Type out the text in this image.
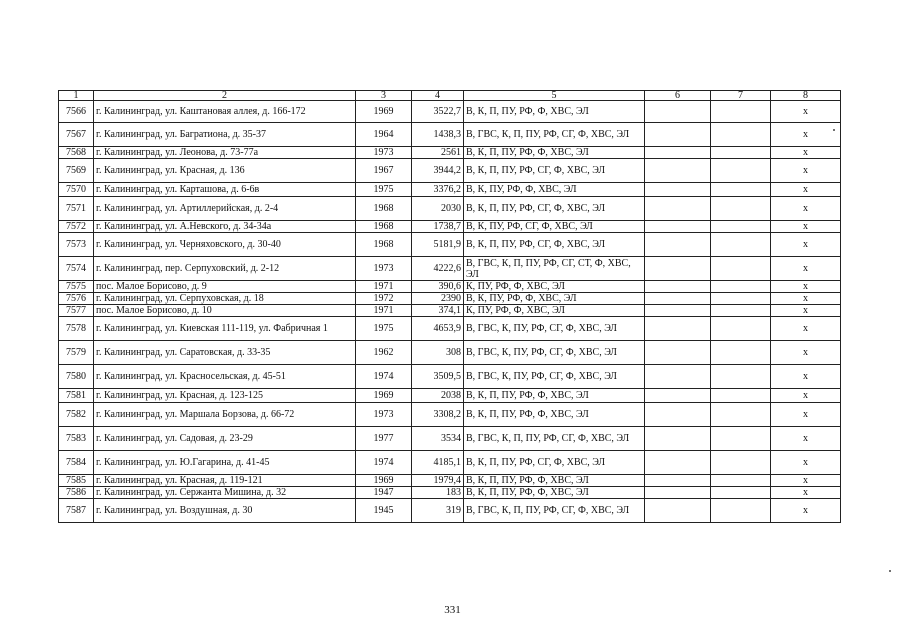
1	2	3	4	5	6	7	8
7566	г. Калининград, ул. Каштановая аллея, д. 166-172	1969	3522,7	В, К, П, ПУ, РФ, Ф, ХВС, ЭЛ			x
7567	г. Калининград, ул. Багратиона, д. 35-37	1964	1438,3	В, ГВС, К, П, ПУ, РФ, СГ, Ф, ХВС, ЭЛ			x
7568	г. Калининград, ул. Леонова, д. 73-77а	1973	2561	В, К, П, ПУ, РФ, Ф, ХВС, ЭЛ			x
7569	г. Калининград, ул. Красная, д. 136	1967	3944,2	В, К, П, ПУ, РФ, СГ, Ф, ХВС, ЭЛ			x
7570	г. Калининград, ул. Карташова, д. 6-6в	1975	3376,2	В, К, ПУ, РФ, Ф, ХВС, ЭЛ			x
7571	г. Калининград, ул. Артиллерийская, д. 2-4	1968	2030	В, К, П, ПУ, РФ, СГ, Ф, ХВС, ЭЛ			x
7572	г. Калининград, ул. А.Невского, д. 34-34а	1968	1738,7	В, К, ПУ, РФ, СГ, Ф, ХВС, ЭЛ			x
7573	г. Калининград, ул. Черняховского, д. 30-40	1968	5181,9	В, К, П, ПУ, РФ, СГ, Ф, ХВС, ЭЛ			x
7574	г. Калининград, пер. Серпуховский, д. 2-12	1973	4222,6	В, ГВС, К, П, ПУ, РФ, СГ, СТ, Ф, ХВС, ЭЛ			x
7575	пос. Малое Борисово, д. 9	1971	390,6	К, ПУ, РФ, Ф, ХВС, ЭЛ			x
7576	г. Калининград, ул. Серпуховская, д. 18	1972	2390	В, К, ПУ, РФ, Ф, ХВС, ЭЛ			x
7577	пос. Малое Борисово, д. 10	1971	374,1	К, ПУ, РФ, Ф, ХВС, ЭЛ			x
7578	г. Калининград, ул. Киевская 111-119, ул. Фабричная 1	1975	4653,9	В, ГВС, К, ПУ, РФ, СГ, Ф, ХВС, ЭЛ			x
7579	г. Калининград, ул. Саратовская, д. 33-35	1962	308	В, ГВС, К, ПУ, РФ, СГ, Ф, ХВС, ЭЛ			x
7580	г. Калининград, ул. Красносельская, д. 45-51	1974	3509,5	В, ГВС, К, ПУ, РФ, СГ, Ф, ХВС, ЭЛ			x
7581	г. Калининград, ул. Красная, д. 123-125	1969	2038	В, К, П, ПУ, РФ, Ф, ХВС, ЭЛ			x
7582	г. Калининград, ул. Маршала Борзова, д. 66-72	1973	3308,2	В, К, П, ПУ, РФ, Ф, ХВС, ЭЛ			x
7583	г. Калининград, ул. Садовая, д. 23-29	1977	3534	В, ГВС, К, П, ПУ, РФ, СГ, Ф, ХВС, ЭЛ			x
7584	г. Калининград, ул. Ю.Гагарина, д. 41-45	1974	4185,1	В, К, П, ПУ, РФ, СГ, Ф, ХВС, ЭЛ			x
7585	г. Калининград, ул. Красная, д. 119-121	1969	1979,4	В, К, П, ПУ, РФ, Ф, ХВС, ЭЛ			x
7586	г. Калининград, ул. Сержанта Мишина, д. 32	1947	183	В, К, П, ПУ, РФ, Ф, ХВС, ЭЛ			x
7587	г. Калининград, ул. Воздушная, д. 30	1945	319	В, ГВС, К, П, ПУ, РФ, СГ, Ф, ХВС, ЭЛ			x
331
